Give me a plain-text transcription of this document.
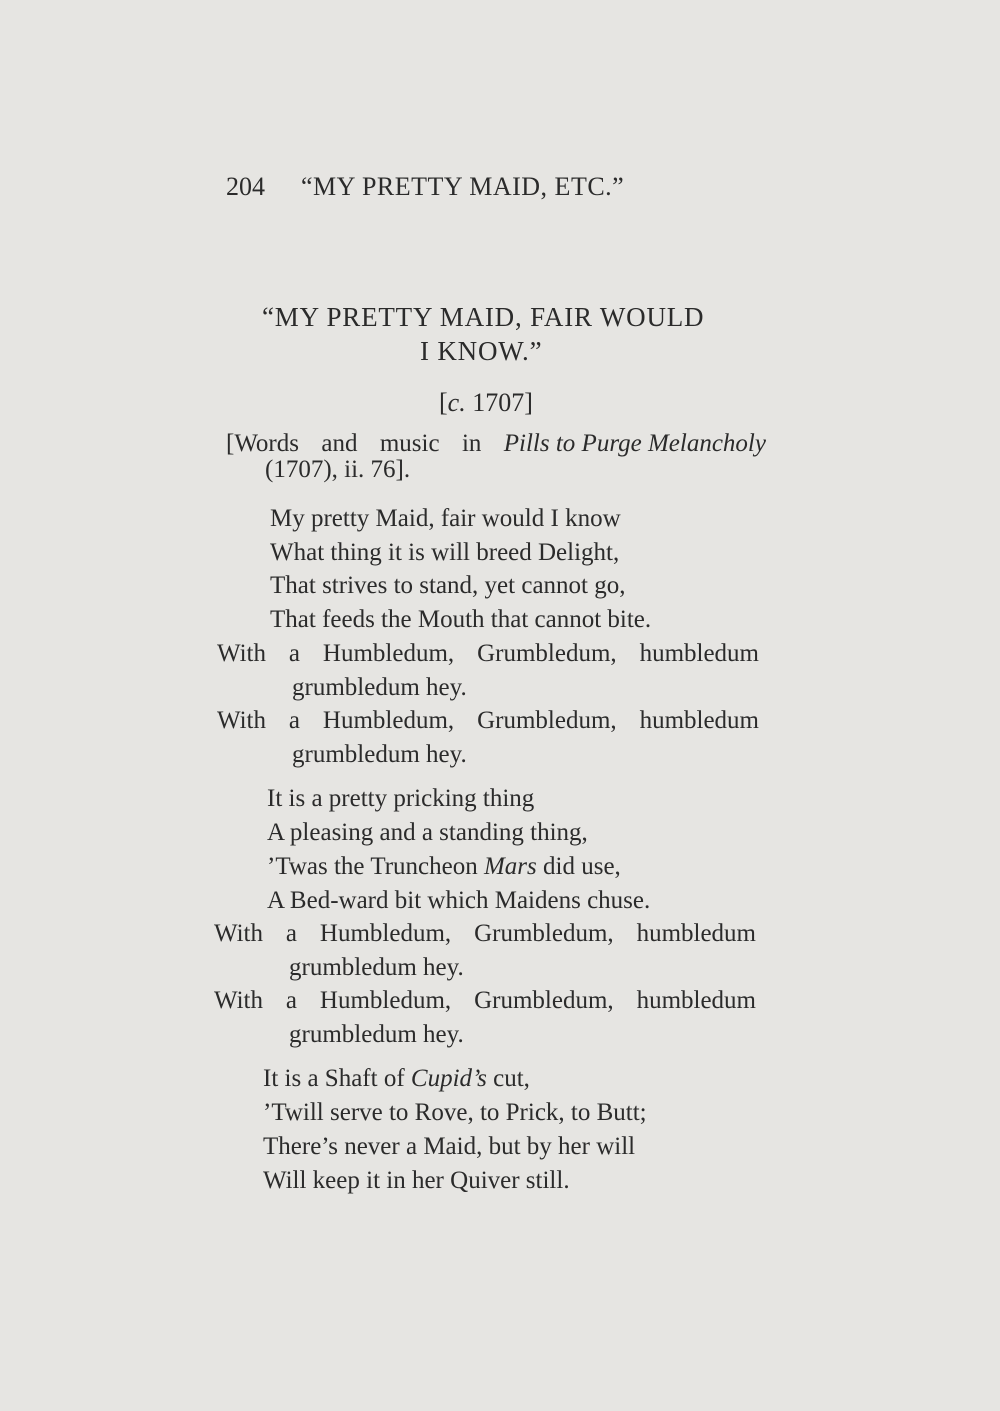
204 “MY PRETTY MAID, ETC.”
“MY PRETTY MAID, FAIR WOULD
I KNOW.”
[c. 1707]
[Words and music in Pills to Purge Melancholy
(1707), ii. 76].
My pretty Maid, fair would I know
What thing it is will breed Delight,
That strives to stand, yet cannot go,
That feeds the Mouth that cannot bite.
With a Humbledum, Grumbledum, humbledum
grumbledum hey.
With a Humbledum, Grumbledum, humbledum
grumbledum hey.
It is a pretty pricking thing
A pleasing and a standing thing,
’Twas the Truncheon Mars did use,
A Bed-ward bit which Maidens chuse.
With a Humbledum, Grumbledum, humbledum
grumbledum hey.
With a Humbledum, Grumbledum, humbledum
grumbledum hey.
It is a Shaft of Cupid’s cut,
’Twill serve to Rove, to Prick, to Butt;
There’s never a Maid, but by her will
Will keep it in her Quiver still.
